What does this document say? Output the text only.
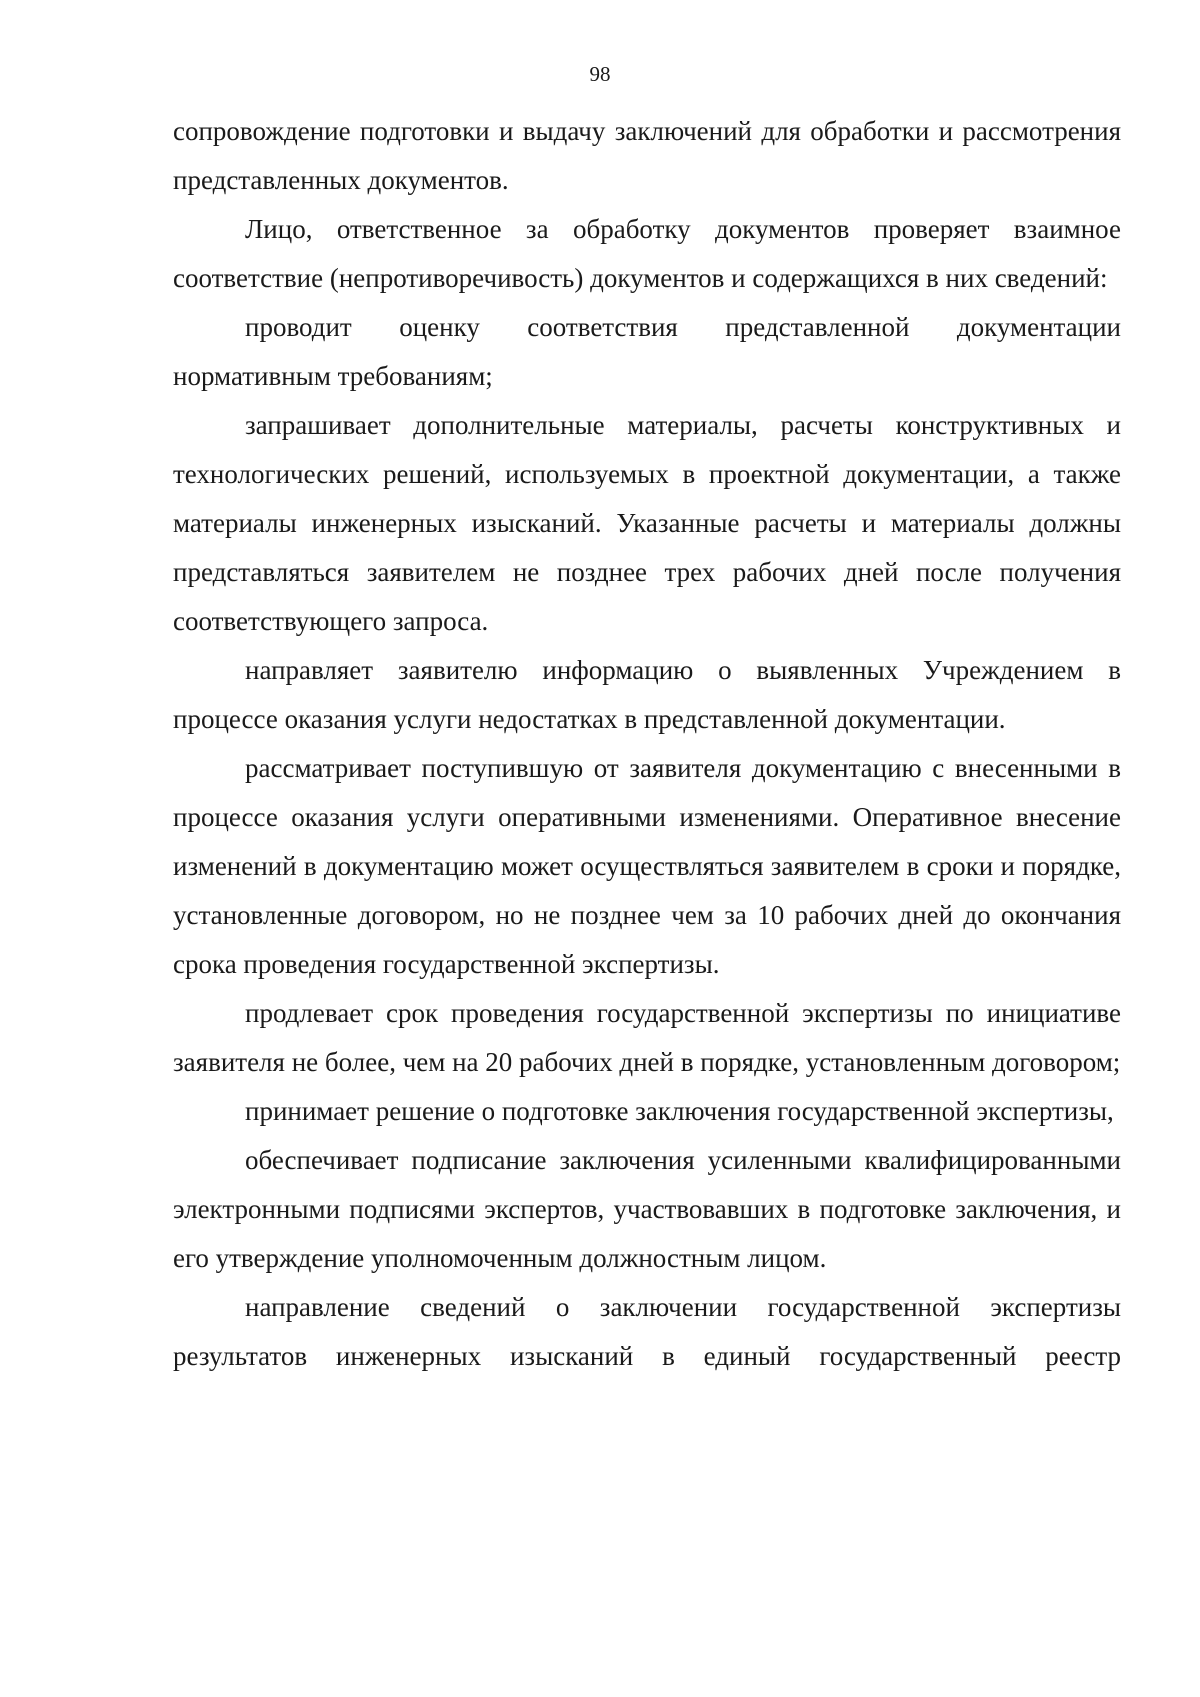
98

сопровождение подготовки и выдачу заключений для обработки и рассмотрения представленных документов.

Лицо, ответственное за обработку документов проверяет взаимное соответствие (непротиворечивость) документов и содержащихся в них сведений:

проводит оценку соответствия представленной документации нормативным требованиям;

запрашивает дополнительные материалы, расчеты конструктивных и технологических решений, используемых в проектной документации, а также материалы инженерных изысканий. Указанные расчеты и материалы должны представляться заявителем не позднее трех рабочих дней после получения соответствующего запроса.

направляет заявителю информацию о выявленных Учреждением в процессе оказания услуги недостатках в представленной документации.

рассматривает поступившую от заявителя документацию с внесенными в процессе оказания услуги оперативными изменениями. Оперативное внесение изменений в документацию может осуществляться заявителем в сроки и порядке, установленные договором, но не позднее чем за 10 рабочих дней до окончания срока проведения государственной экспертизы.

продлевает срок проведения государственной экспертизы по инициативе заявителя не более, чем на 20 рабочих дней в порядке, установленным договором;

принимает решение о подготовке заключения государственной экспертизы,

обеспечивает подписание заключения усиленными квалифицированными электронными подписями экспертов, участвовавших в подготовке заключения, и его утверждение уполномоченным должностным лицом.

направление сведений о заключении государственной экспертизы результатов инженерных изысканий в единый государственный реестр
